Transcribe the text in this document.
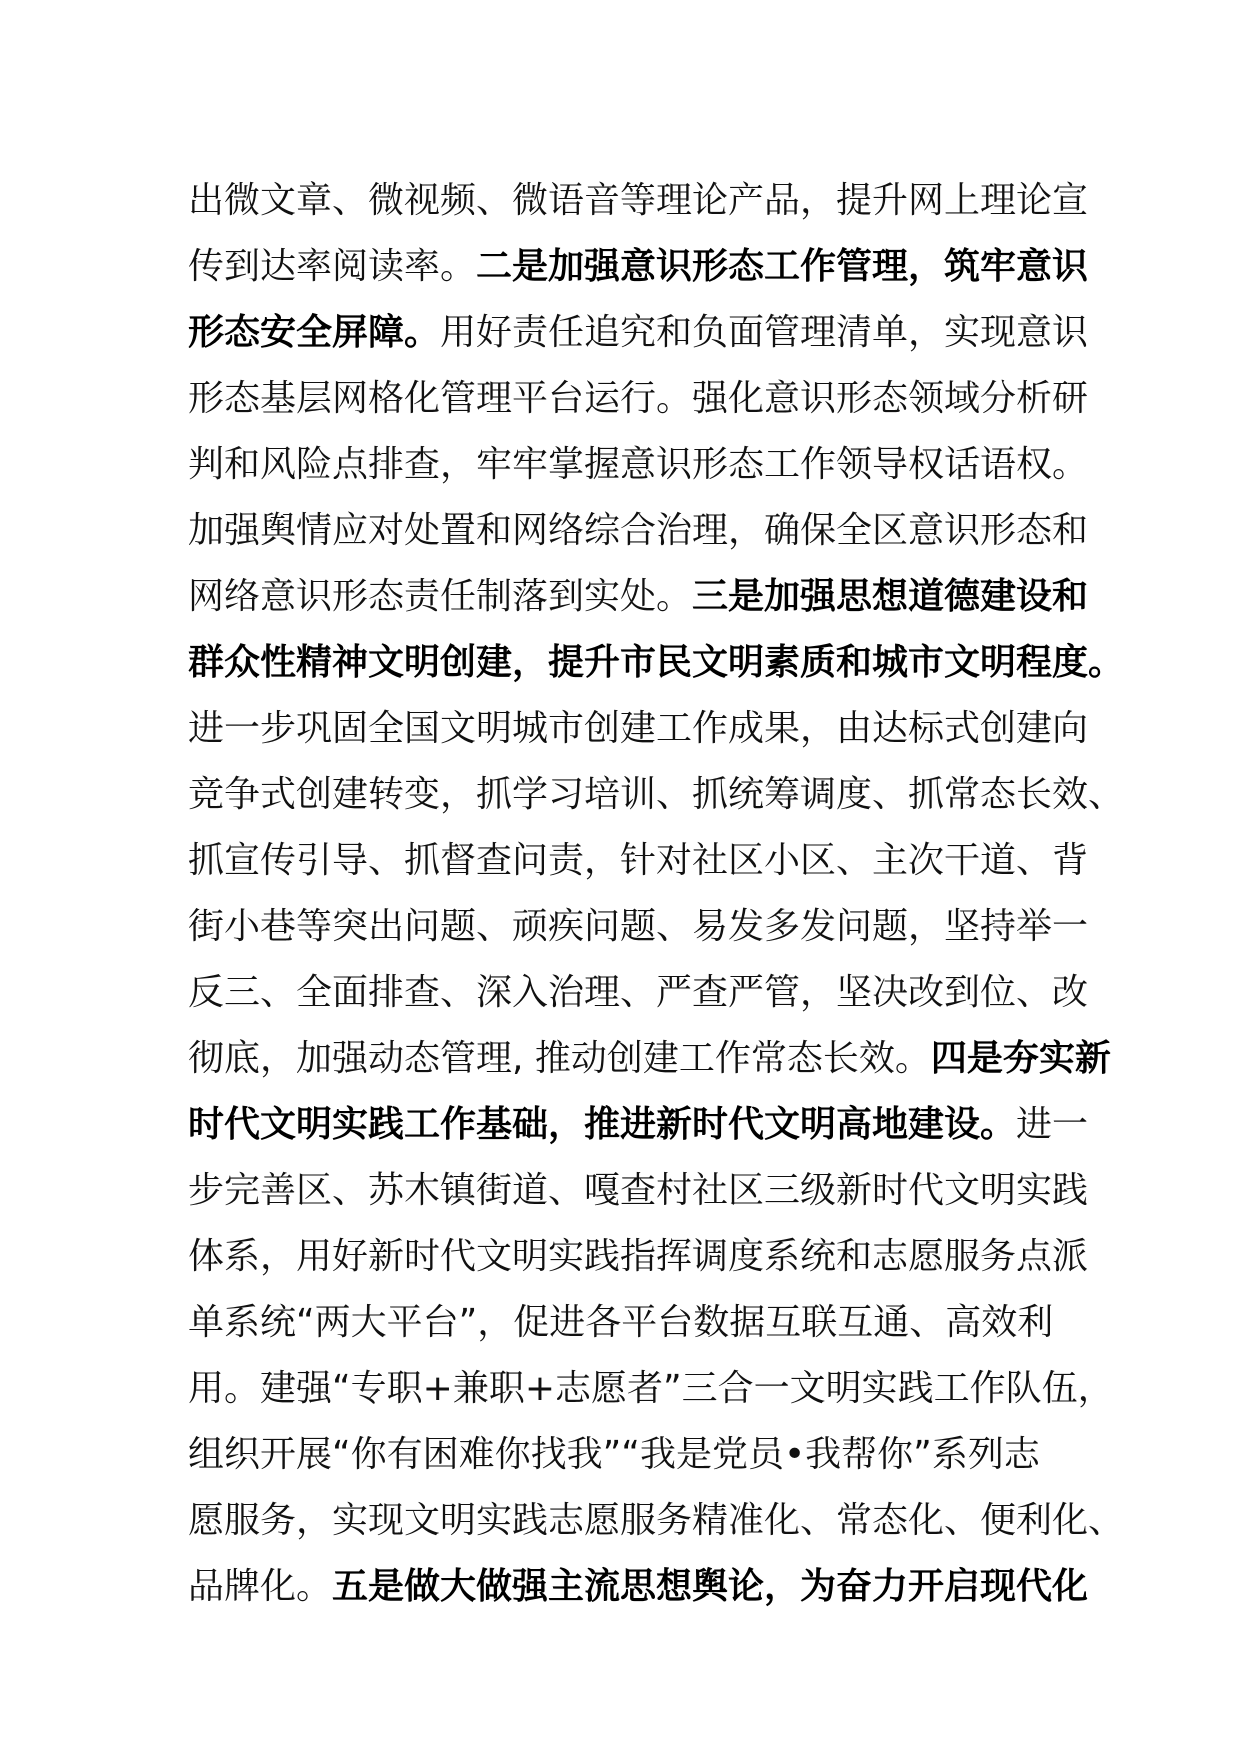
出微文章、微视频、微语音等理论产品，提升网上理论宣
传到达率阅读率。二是加强意识形态工作管理，筑牢意识
形态安全屏障。用好责任追究和负面管理清单，实现意识
形态基层网格化管理平台运行。强化意识形态领域分析研
判和风险点排查，牢牢掌握意识形态工作领导权话语权。
加强舆情应对处置和网络综合治理，确保全区意识形态和
网络意识形态责任制落到实处。三是加强思想道德建设和
群众性精神文明创建，提升市民文明素质和城市文明程度。
进一步巩固全国文明城市创建工作成果，由达标式创建向
竞争式创建转变，抓学习培训、抓统筹调度、抓常态长效、
抓宣传引导、抓督查问责，针对社区小区、主次干道、背
街小巷等突出问题、顽疾问题、易发多发问题，坚持举一
反三、全面排查、深入治理、严查严管，坚决改到位、改
彻底，加强动态管理, 推动创建工作常态长效。四是夯实新
时代文明实践工作基础，推进新时代文明高地建设。进一
步完善区、苏木镇街道、嘎查村社区三级新时代文明实践
体系，用好新时代文明实践指挥调度系统和志愿服务点派
单系统“两大平台”，促进各平台数据互联互通、高效利
用。建强“专职+兼职+志愿者”三合一文明实践工作队伍，
组织开展“你有困难你找我”“我是党员•我帮你”系列志
愿服务，实现文明实践志愿服务精准化、常态化、便利化、
品牌化。五是做大做强主流思想舆论，为奋力开启现代化
